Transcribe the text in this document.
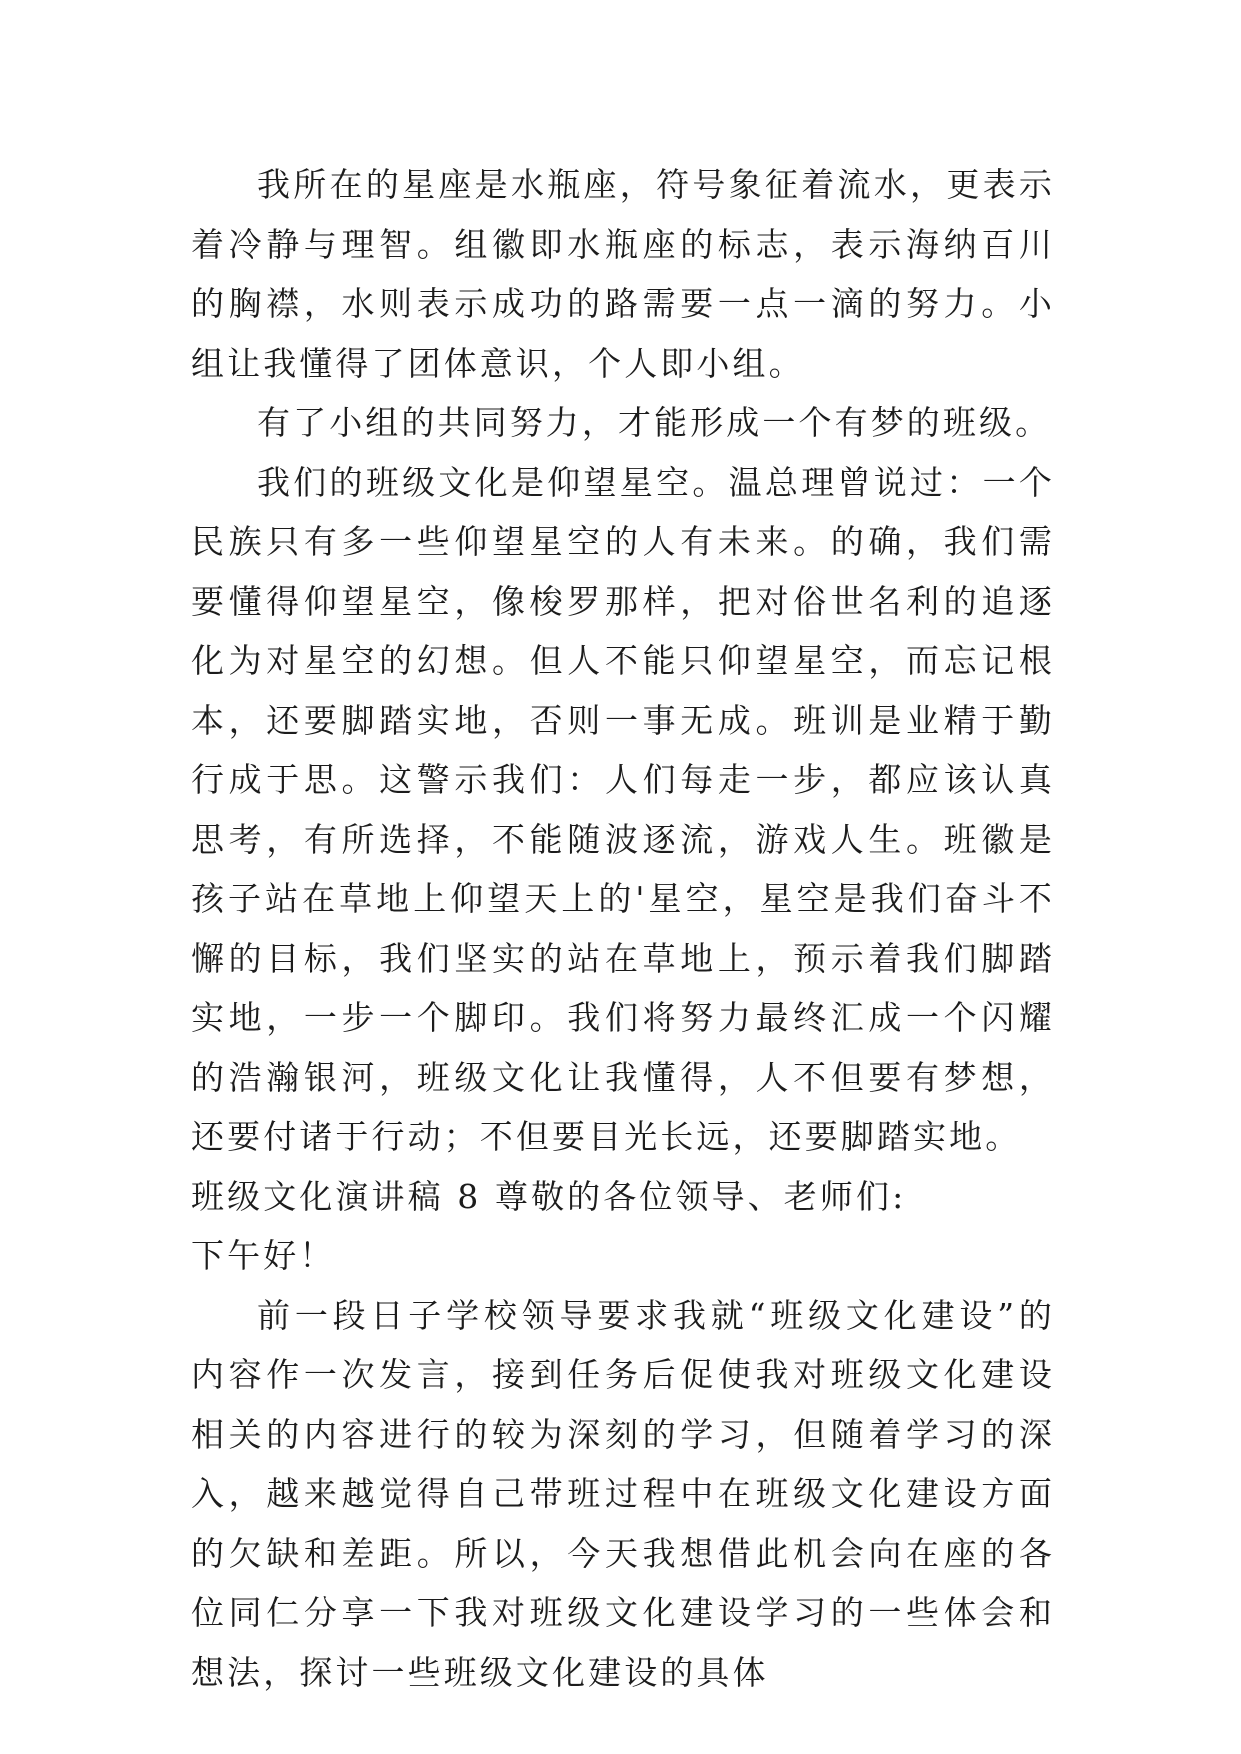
我所在的星座是水瓶座，符号象征着流水，更表示着冷静与理智。组徽即水瓶座的标志，表示海纳百川的胸襟，水则表示成功的路需要一点一滴的努力。小组让我懂得了团体意识，个人即小组。

有了小组的共同努力，才能形成一个有梦的班级。

我们的班级文化是仰望星空。温总理曾说过：一个民族只有多一些仰望星空的人有未来。的确，我们需要懂得仰望星空，像梭罗那样，把对俗世名利的追逐化为对星空的幻想。但人不能只仰望星空，而忘记根本，还要脚踏实地，否则一事无成。班训是业精于勤行成于思。这警示我们：人们每走一步，都应该认真思考，有所选择，不能随波逐流，游戏人生。班徽是孩子站在草地上仰望天上的'星空，星空是我们奋斗不懈的目标，我们坚实的站在草地上，预示着我们脚踏实地，一步一个脚印。我们将努力最终汇成一个闪耀的浩瀚银河，班级文化让我懂得，人不但要有梦想，还要付诸于行动；不但要目光长远，还要脚踏实地。

班级文化演讲稿 8 尊敬的各位领导、老师们:

下午好！

前一段日子学校领导要求我就“班级文化建设”的内容作一次发言，接到任务后促使我对班级文化建设相关的内容进行的较为深刻的学习，但随着学习的深入，越来越觉得自己带班过程中在班级文化建设方面的欠缺和差距。所以，今天我想借此机会向在座的各位同仁分享一下我对班级文化建设学习的一些体会和想法，探讨一些班级文化建设的具体
